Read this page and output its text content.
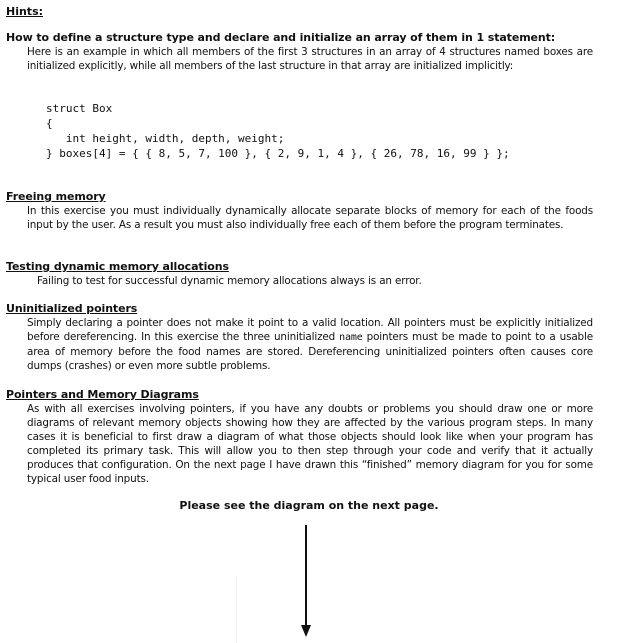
Hints:
How to define a structure type and declare and initialize an array of them in 1 statement:
Here is an example in which all members of the first 3 structures in an array of 4 structures named boxes are initialized explicitly, while all members of the last structure in that array are initialized implicitly:
struct Box
{
int height, width, depth, weight;
} boxes[4] = { { 8, 5, 7, 100 }, { 2, 9, 1, 4 }, { 26, 78, 16, 99 } };
Freeing memory
In this exercise you must individually dynamically allocate separate blocks of memory for each of the foods input by the user. As a result you must also individually free each of them before the program terminates.
Testing dynamic memory allocations
Failing to test for successful dynamic memory allocations always is an error.
Uninitialized pointers
Simply declaring a pointer does not make it point to a valid location. All pointers must be explicitly initialized before dereferencing. In this exercise the three uninitialized name pointers must be made to point to a usable area of memory before the food names are stored. Dereferencing uninitialized pointers often causes core dumps (crashes) or even more subtle problems.
Pointers and Memory Diagrams
As with all exercises involving pointers, if you have any doubts or problems you should draw one or more diagrams of relevant memory objects showing how they are affected by the various program steps. In many cases it is beneficial to first draw a diagram of what those objects should look like when your program has completed its primary task. This will allow you to then step through your code and verify that it actually produces that configuration. On the next page I have drawn this “finished” memory diagram for you for some typical user food inputs.
Please see the diagram on the next page.
